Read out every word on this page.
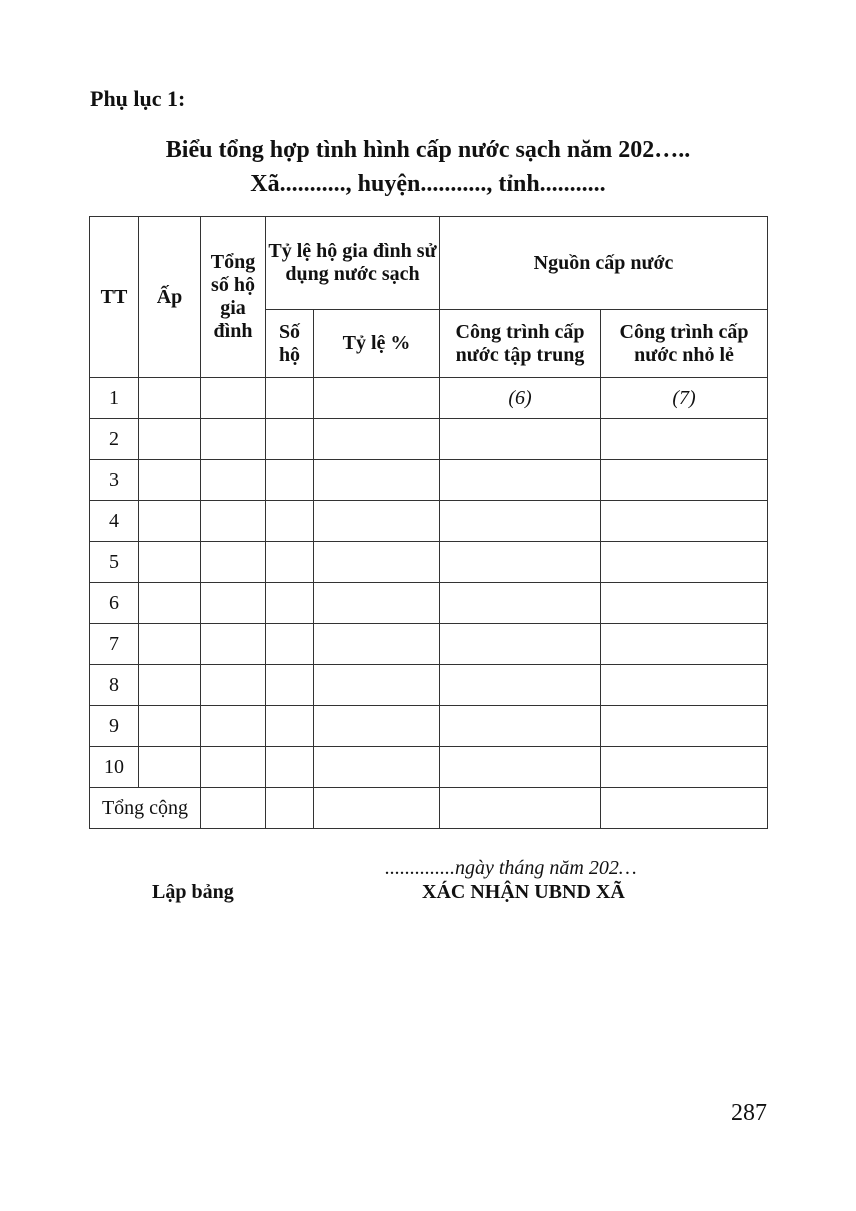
Phụ lục 1:

Biểu tổng hợp tình hình cấp nước sạch năm 202…..

Xã..........., huyện..........., tỉnh...........

TT	Ấp	Tổng số hộ gia đình	Tỷ lệ hộ gia đình sử dụng nước sạch		Nguồn cấp nước	
			Số hộ	Tỷ lệ %	Công trình cấp nước tập trung	Công trình cấp nước nhỏ lẻ
1					(6)	(7)
2						
3						
4						
5						
6						
7						
8						
9						
10						
Tổng cộng						

..............ngày tháng năm 202…

Lập bảng	XÁC NHẬN UBND XÃ

287
